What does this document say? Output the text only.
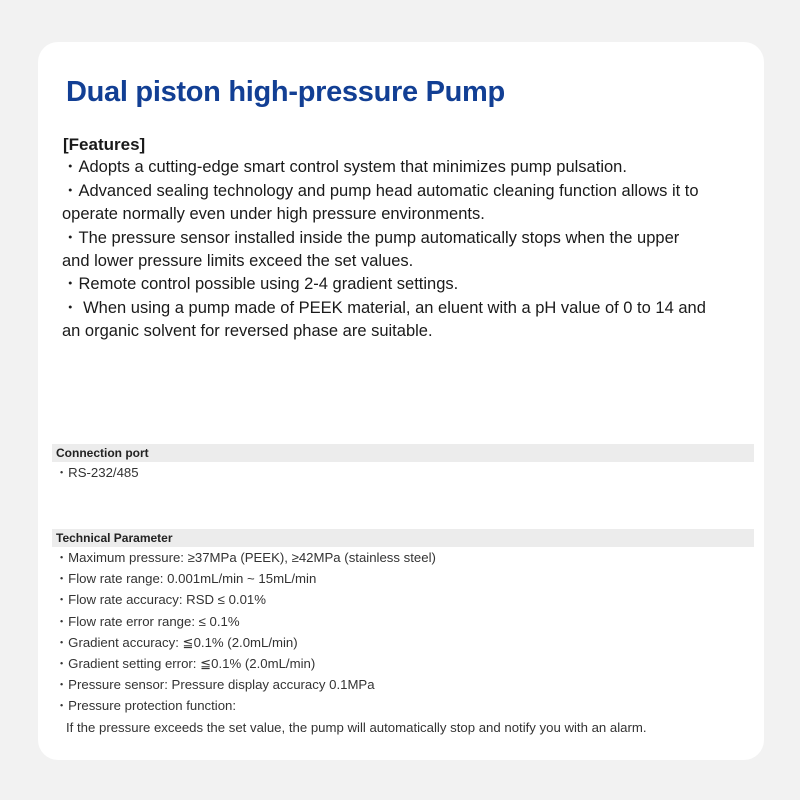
Dual piston high-pressure Pump
[Features]

・Adopts a cutting-edge smart control system that minimizes pump pulsation.

・Advanced sealing technology and pump head automatic cleaning function allows it to

operate normally even under high pressure environments.

・The pressure sensor installed inside the pump automatically stops when the upper

and lower pressure limits exceed the set values.

・Remote control possible using 2-4 gradient settings.

・ When using a pump made of PEEK material, an eluent with a pH value of 0 to 14 and

an organic solvent for reversed phase are suitable.

Connection port
・RS-232/485
Technical Parameter
・Maximum pressure: ≥37MPa (PEEK), ≥42MPa (stainless steel)
・Flow rate range: 0.001mL/min ~ 15mL/min
・Flow rate accuracy: RSD ≤ 0.01%
・Flow rate error range: ≤ 0.1%
・Gradient accuracy: ≦0.1% (2.0mL/min)
・Gradient setting error: ≦0.1% (2.0mL/min)
・Pressure sensor: Pressure display accuracy 0.1MPa
・Pressure protection function:
If the pressure exceeds the set value, the pump will automatically stop and notify you with an alarm.
